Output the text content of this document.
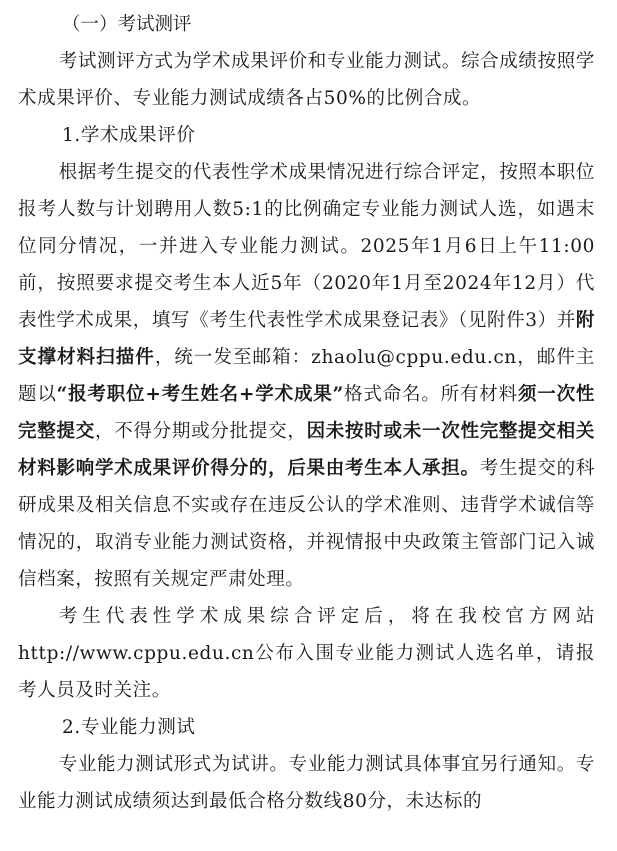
（一）考试测评

考试测评方式为学术成果评价和专业能力测试。综合成绩按照学术成果评价、专业能力测试成绩各占50%的比例合成。

1.学术成果评价

根据考生提交的代表性学术成果情况进行综合评定，按照本职位报考人数与计划聘用人数5:1的比例确定专业能力测试人选，如遇末位同分情况，一并进入专业能力测试。2025年1月6日上午11:00前，按照要求提交考生本人近5年（2020年1月至2024年12月）代表性学术成果，填写《考生代表性学术成果登记表》（见附件3）并附支撑材料扫描件，统一发至邮箱：zhaolu@cppu.edu.cn，邮件主题以“报考职位+考生姓名+学术成果”格式命名。所有材料须一次性完整提交，不得分期或分批提交，因未按时或未一次性完整提交相关材料影响学术成果评价得分的，后果由考生本人承担。考生提交的科研成果及相关信息不实或存在违反公认的学术准则、违背学术诚信等情况的，取消专业能力测试资格，并视情报中央政策主管部门记入诚信档案，按照有关规定严肃处理。

考生代表性学术成果综合评定后，将在我校官方网站http://www.cppu.edu.cn公布入围专业能力测试人选名单，请报考人员及时关注。

2.专业能力测试

专业能力测试形式为试讲。专业能力测试具体事宜另行通知。专业能力测试成绩须达到最低合格分数线80分，未达标的
